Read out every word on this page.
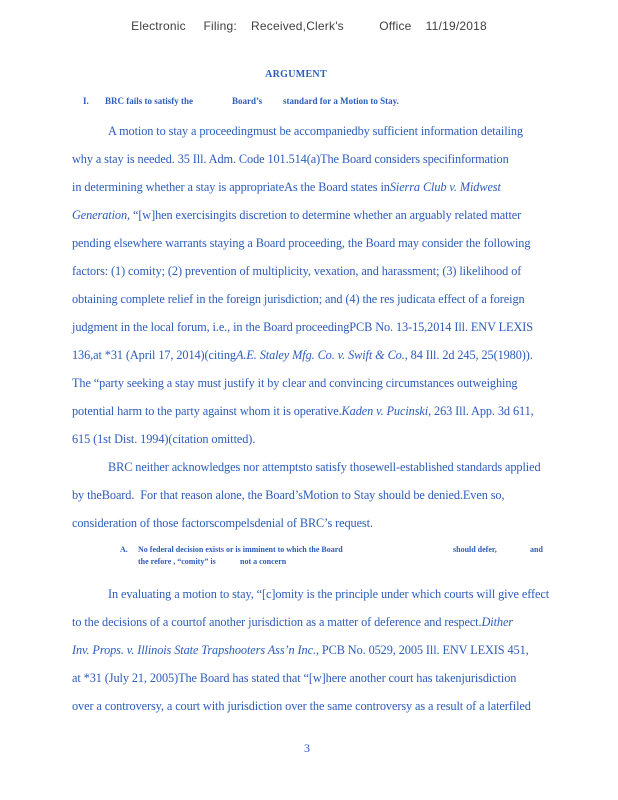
Electronic     Filing:    Received,Clerk's          Office    11/19/2018
ARGUMENT
I. BRC fails to satisfy the	Board’s standard for a Motion to Stay.
A motion to stay a proceedingmust be accompaniedby sufficient information detailing
why a stay is needed. 35 Ill. Adm. Code 101.514(a)The Board considers specifinformation
in determining whether a stay is appropriateAs the Board states inSierra Club v. Midwest
Generation, “[w]hen exercisingits discretion to determine whether an arguably related matter
pending elsewhere warrants staying a Board proceeding, the Board may consider the following
factors: (1) comity; (2) prevention of multiplicity, vexation, and harassment; (3) likelihood of
obtaining complete relief in the foreign jurisdiction; and (4) the res judicata effect of a foreign
judgment in the local forum, i.e., in the Board proceedingPCB No. 13-15,2014 Ill. ENV LEXIS
136,at *31 (April 17, 2014)(citingA.E. Staley Mfg. Co. v. Swift & Co., 84 Ill. 2d 245, 25(1980)).
The “party seeking a stay must justify it by clear and convincing circumstances outweighing
potential harm to the party against whom it is operative.Kaden v. Pucinski, 263 Ill. App. 3d 611,
615 (1st Dist. 1994)(citation omitted).
BRC neither acknowledges nor attemptsto satisfy thosewell-established standards applied
by theBoard.  For that reason alone, the Board’sMotion to Stay should be denied.Even so,
consideration of those factorscompelsdenial of BRC’s request.
A. No federal decision exists or is imminent to which the Board	should defer,	and
the refore , “comity” is	not a concern
In evaluating a motion to stay, “[c]omity is the principle under which courts will give effect
to the decisions of a courtof another jurisdiction as a matter of deference and respect.Dither
Inv. Props. v. Illinois State Trapshooters Ass’n Inc., PCB No. 0529, 2005 Ill. ENV LEXIS 451,
at *31 (July 21, 2005)The Board has stated that “[w]here another court has takenjurisdiction
over a controversy, a court with jurisdiction over the same controversy as a result of a laterfiled
3
